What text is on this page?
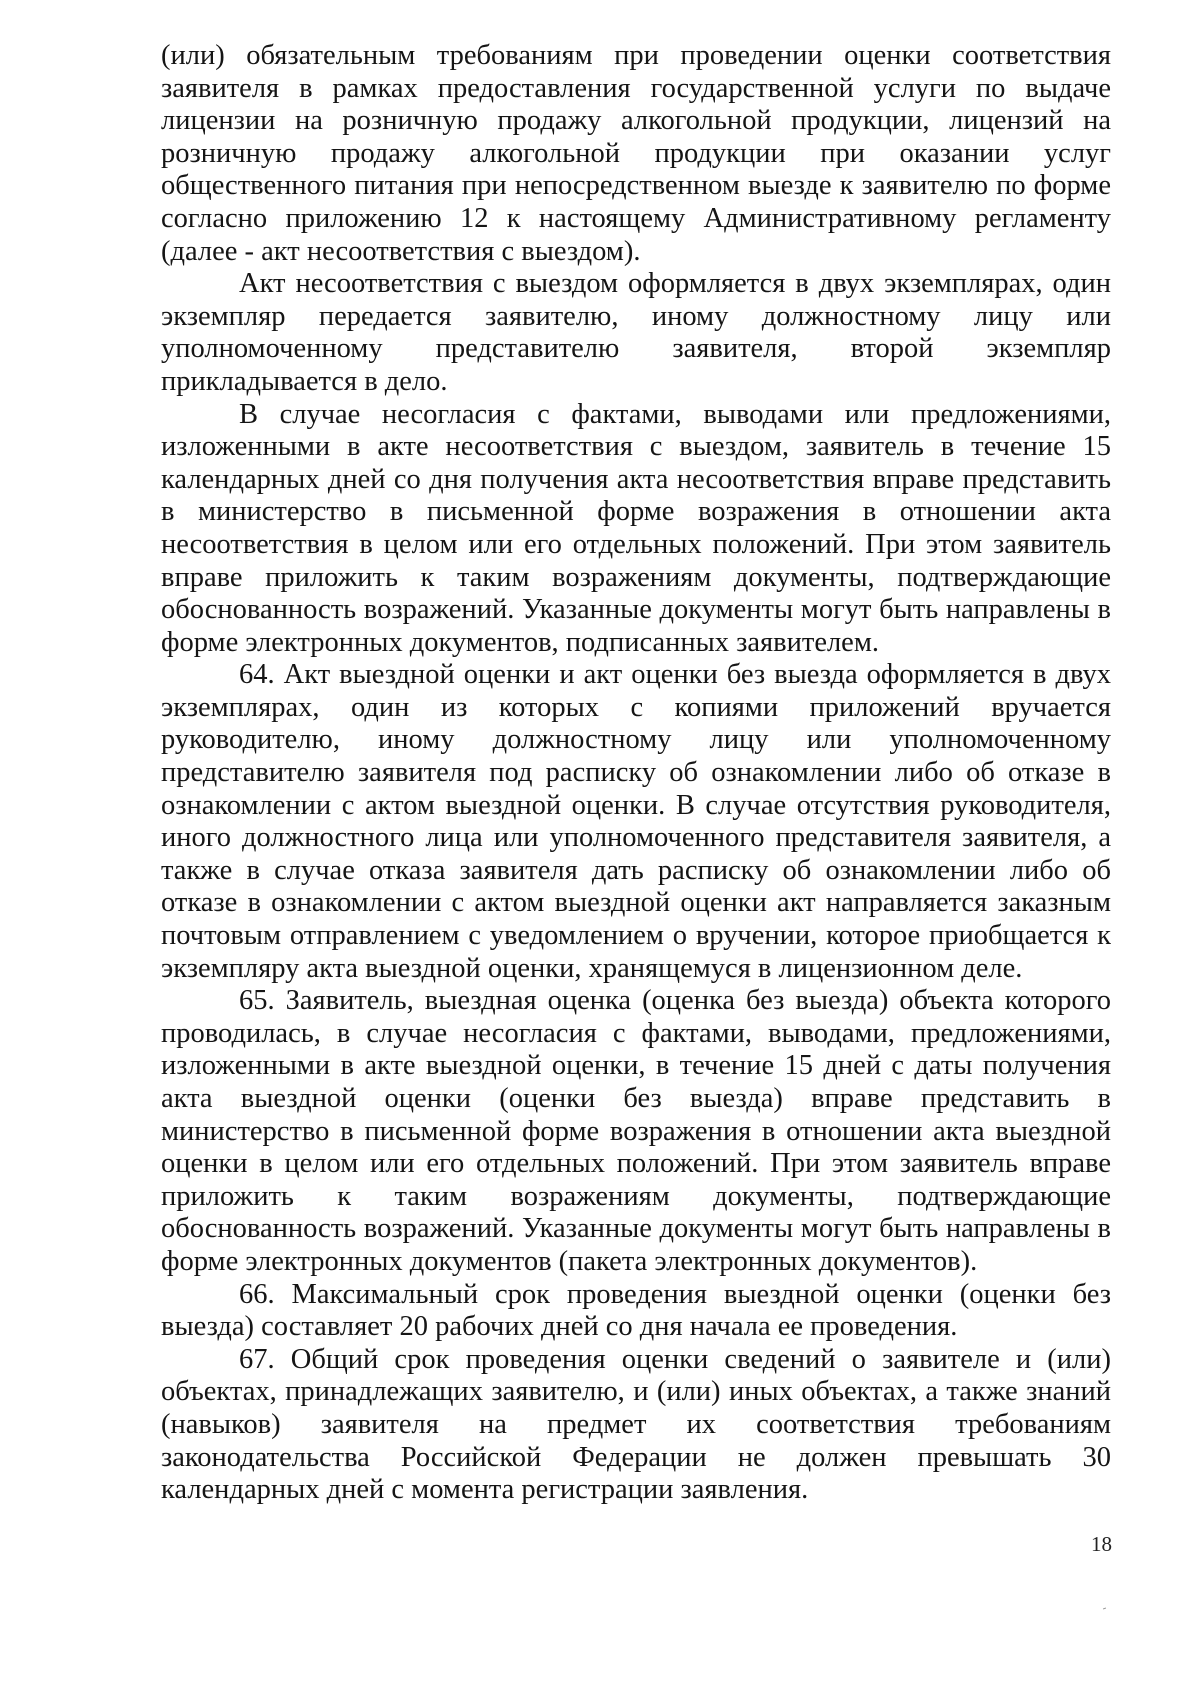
(или) обязательным требованиям при проведении оценки соответствия заявителя в рамках предоставления государственной услуги по выдаче лицензии на розничную продажу алкогольной продукции, лицензий на розничную продажу алкогольной продукции при оказании услуг общественного питания при непосредственном выезде к заявителю по форме согласно приложению 12 к настоящему Административному регламенту (далее - акт несоответствия с выездом).

Акт несоответствия с выездом оформляется в двух экземплярах, один экземпляр передается заявителю, иному должностному лицу или уполномоченному представителю заявителя, второй экземпляр прикладывается в дело.

В случае несогласия с фактами, выводами или предложениями, изложенными в акте несоответствия с выездом, заявитель в течение 15 календарных дней со дня получения акта несоответствия вправе представить в министерство в письменной форме возражения в отношении акта несоответствия в целом или его отдельных положений. При этом заявитель вправе приложить к таким возражениям документы, подтверждающие обоснованность возражений. Указанные документы могут быть направлены в форме электронных документов, подписанных заявителем.

64. Акт выездной оценки и акт оценки без выезда оформляется в двух экземплярах, один из которых с копиями приложений вручается руководителю, иному должностному лицу или уполномоченному представителю заявителя под расписку об ознакомлении либо об отказе в ознакомлении с актом выездной оценки. В случае отсутствия руководителя, иного должностного лица или уполномоченного представителя заявителя, а также в случае отказа заявителя дать расписку об ознакомлении либо об отказе в ознакомлении с актом выездной оценки акт направляется заказным почтовым отправлением с уведомлением о вручении, которое приобщается к экземпляру акта выездной оценки, хранящемуся в лицензионном деле.

65. Заявитель, выездная оценка (оценка без выезда) объекта которого проводилась, в случае несогласия с фактами, выводами, предложениями, изложенными в акте выездной оценки, в течение 15 дней с даты получения акта выездной оценки (оценки без выезда) вправе представить в министерство в письменной форме возражения в отношении акта выездной оценки в целом или его отдельных положений. При этом заявитель вправе приложить к таким возражениям документы, подтверждающие обоснованность возражений. Указанные документы могут быть направлены в форме электронных документов (пакета электронных документов).

66. Максимальный срок проведения выездной оценки (оценки без выезда) составляет 20 рабочих дней со дня начала ее проведения.

67. Общий срок проведения оценки сведений о заявителе и (или) объектах, принадлежащих заявителю, и (или) иных объектах, а также знаний (навыков) заявителя на предмет их соответствия требованиям законодательства Российской Федерации не должен превышать 30 календарных дней с момента регистрации заявления.

18
